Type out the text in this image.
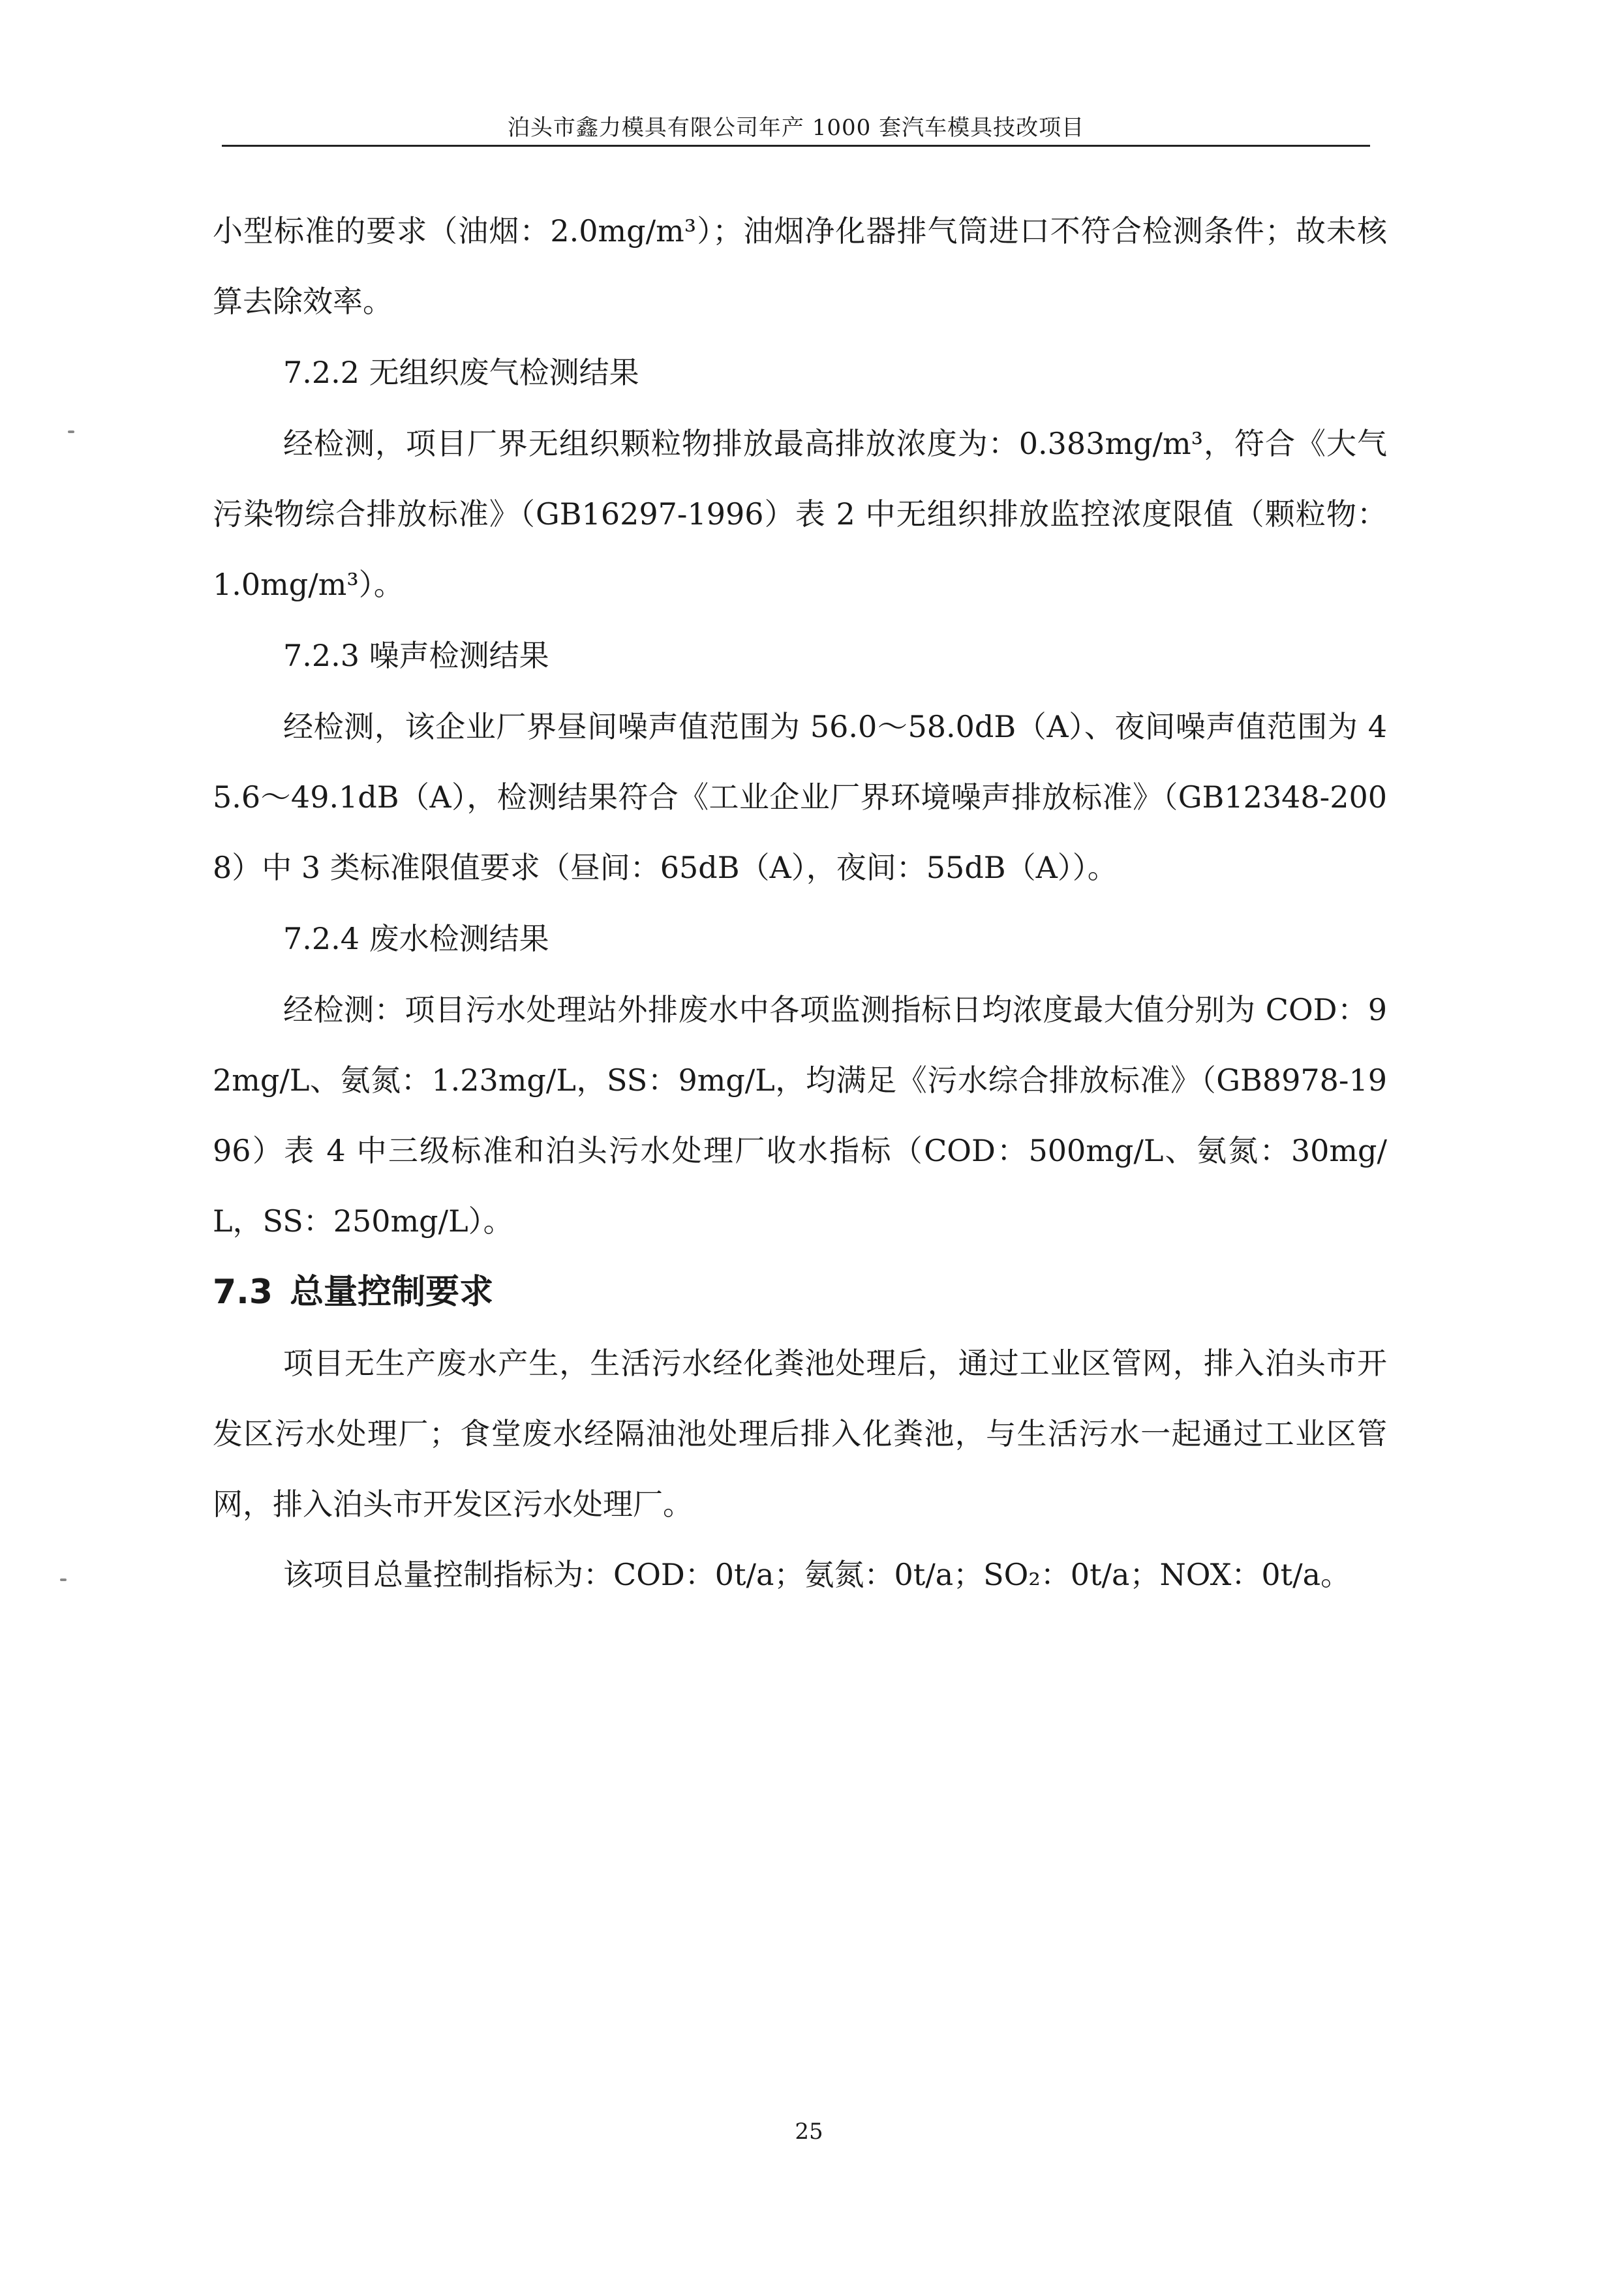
泊头市鑫力模具有限公司年产 1000 套汽车模具技改项目

小型标准的要求（油烟：2.0mg/m³）；油烟净化器排气筒进口不符合检测条件；故未核算去除效率。

7.2.2 无组织废气检测结果

经检测，项目厂界无组织颗粒物排放最高排放浓度为：0.383mg/m³，符合《大气污染物综合排放标准》（GB16297-1996）表 2 中无组织排放监控浓度限值（颗粒物：1.0mg/m³）。

7.2.3 噪声检测结果

经检测，该企业厂界昼间噪声值范围为 56.0～58.0dB（A）、夜间噪声值范围为 45.6～49.1dB（A），检测结果符合《工业企业厂界环境噪声排放标准》（GB12348-2008）中 3 类标准限值要求（昼间：65dB（A），夜间：55dB（A））。

7.2.4 废水检测结果

经检测：项目污水处理站外排废水中各项监测指标日均浓度最大值分别为 COD：92mg/L、氨氮：1.23mg/L，SS：9mg/L，均满足《污水综合排放标准》（GB8978-1996）表 4 中三级标准和泊头污水处理厂收水指标（COD：500mg/L、氨氮：30mg/L，SS：250mg/L）。

7.3 总量控制要求

项目无生产废水产生，生活污水经化粪池处理后，通过工业区管网，排入泊头市开发区污水处理厂；食堂废水经隔油池处理后排入化粪池，与生活污水一起通过工业区管网，排入泊头市开发区污水处理厂。

该项目总量控制指标为：COD：0t/a；氨氮：0t/a；SO₂：0t/a；NOX：0t/a。

25
